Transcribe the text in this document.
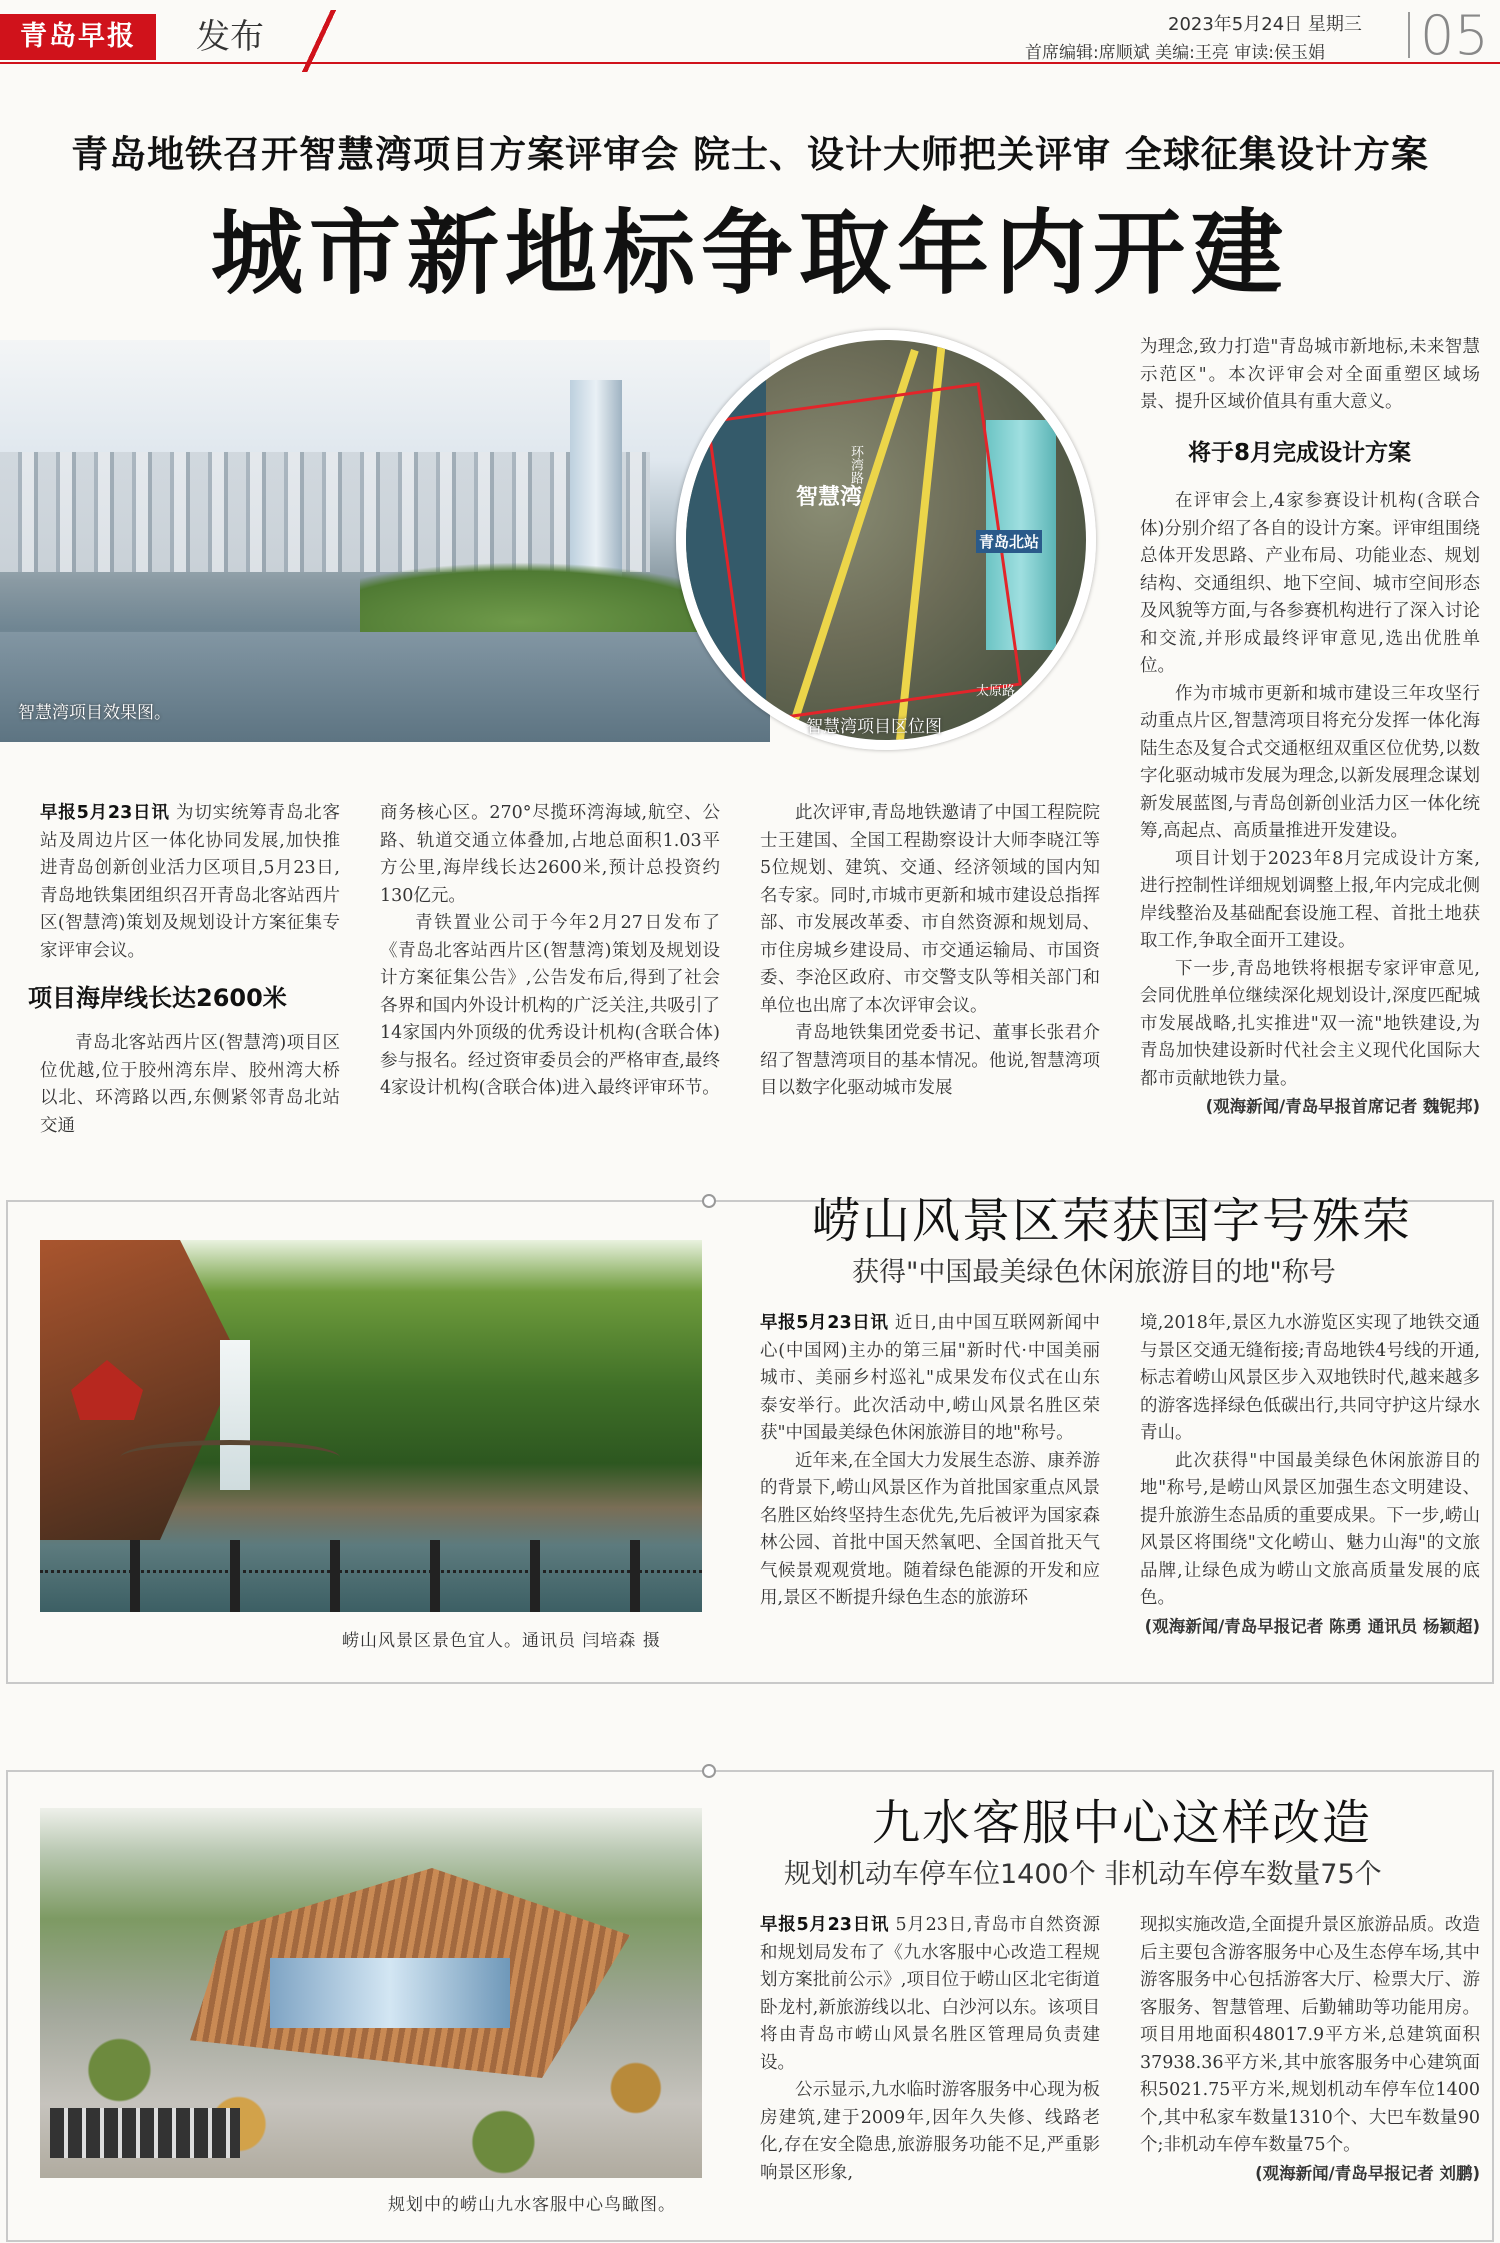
青岛早报	发布	2023年5月24日 星期三
首席编辑:席顺斌 美编:王亮 审读:侯玉娟 05
青岛地铁召开智慧湾项目方案评审会 院士、设计大师把关评审 全球征集设计方案
城市新地标争取年内开建
智慧湾项目效果图。
智慧湾
环湾路
青岛北站
太原路
智慧湾项目区位图

早报5月23日讯 为切实统筹青岛北客站及周边片区一体化协同发展,加快推进青岛创新创业活力区项目,5月23日,青岛地铁集团组织召开青岛北客站西片区(智慧湾)策划及规划设计方案征集专家评审会议。

项目海岸线长达2600米

青岛北客站西片区(智慧湾)项目区位优越,位于胶州湾东岸、胶州湾大桥以北、环湾路以西,东侧紧邻青岛北站交通

商务核心区。270°尽揽环湾海域,航空、公路、轨道交通立体叠加,占地总面积1.03平方公里,海岸线长达2600米,预计总投资约130亿元。

青铁置业公司于今年2月27日发布了《青岛北客站西片区(智慧湾)策划及规划设计方案征集公告》,公告发布后,得到了社会各界和国内外设计机构的广泛关注,共吸引了14家国内外顶级的优秀设计机构(含联合体)参与报名。经过资审委员会的严格审查,最终4家设计机构(含联合体)进入最终评审环节。

此次评审,青岛地铁邀请了中国工程院院士王建国、全国工程勘察设计大师李晓江等5位规划、建筑、交通、经济领域的国内知名专家。同时,市城市更新和城市建设总指挥部、市发展改革委、市自然资源和规划局、市住房城乡建设局、市交通运输局、市国资委、李沧区政府、市交警支队等相关部门和单位也出席了本次评审会议。

青岛地铁集团党委书记、董事长张君介绍了智慧湾项目的基本情况。他说,智慧湾项目以数字化驱动城市发展

为理念,致力打造"青岛城市新地标,未来智慧示范区"。本次评审会对全面重塑区域场景、提升区域价值具有重大意义。

将于8月完成设计方案

在评审会上,4家参赛设计机构(含联合体)分别介绍了各自的设计方案。评审组围绕总体开发思路、产业布局、功能业态、规划结构、交通组织、地下空间、城市空间形态及风貌等方面,与各参赛机构进行了深入讨论和交流,并形成最终评审意见,选出优胜单位。

作为市城市更新和城市建设三年攻坚行动重点片区,智慧湾项目将充分发挥一体化海陆生态及复合式交通枢纽双重区位优势,以数字化驱动城市发展为理念,以新发展理念谋划新发展蓝图,与青岛创新创业活力区一体化统筹,高起点、高质量推进开发建设。

项目计划于2023年8月完成设计方案,进行控制性详细规划调整上报,年内完成北侧岸线整治及基础配套设施工程、首批土地获取工作,争取全面开工建设。

下一步,青岛地铁将根据专家评审意见,会同优胜单位继续深化规划设计,深度匹配城市发展战略,扎实推进"双一流"地铁建设,为青岛加快建设新时代社会主义现代化国际大都市贡献地铁力量。

(观海新闻/青岛早报首席记者 魏铌邦)
崂山风景区荣获国字号殊荣
获得"中国最美绿色休闲旅游目的地"称号
崂山风景区景色宜人。通讯员 闫培森 摄

早报5月23日讯 近日,由中国互联网新闻中心(中国网)主办的第三届"新时代·中国美丽城市、美丽乡村巡礼"成果发布仪式在山东泰安举行。此次活动中,崂山风景名胜区荣获"中国最美绿色休闲旅游目的地"称号。

近年来,在全国大力发展生态游、康养游的背景下,崂山风景区作为首批国家重点风景名胜区始终坚持生态优先,先后被评为国家森林公园、首批中国天然氧吧、全国首批天气气候景观观赏地。随着绿色能源的开发和应用,景区不断提升绿色生态的旅游环

境,2018年,景区九水游览区实现了地铁交通与景区交通无缝衔接;青岛地铁4号线的开通,标志着崂山风景区步入双地铁时代,越来越多的游客选择绿色低碳出行,共同守护这片绿水青山。

此次获得"中国最美绿色休闲旅游目的地"称号,是崂山风景区加强生态文明建设、提升旅游生态品质的重要成果。下一步,崂山风景区将围绕"文化崂山、魅力山海"的文旅品牌,让绿色成为崂山文旅高质量发展的底色。

(观海新闻/青岛早报记者 陈勇 通讯员 杨颖超)
九水客服中心这样改造
规划机动车停车位1400个 非机动车停车数量75个
规划中的崂山九水客服中心鸟瞰图。

早报5月23日讯 5月23日,青岛市自然资源和规划局发布了《九水客服中心改造工程规划方案批前公示》,项目位于崂山区北宅街道卧龙村,新旅游线以北、白沙河以东。该项目将由青岛市崂山风景名胜区管理局负责建设。

公示显示,九水临时游客服务中心现为板房建筑,建于2009年,因年久失修、线路老化,存在安全隐患,旅游服务功能不足,严重影响景区形象,

现拟实施改造,全面提升景区旅游品质。改造后主要包含游客服务中心及生态停车场,其中游客服务中心包括游客大厅、检票大厅、游客服务、智慧管理、后勤辅助等功能用房。项目用地面积48017.9平方米,总建筑面积37938.36平方米,其中旅客服务中心建筑面积5021.75平方米,规划机动车停车位1400个,其中私家车数量1310个、大巴车数量90个;非机动车停车数量75个。

(观海新闻/青岛早报记者 刘鹏)
